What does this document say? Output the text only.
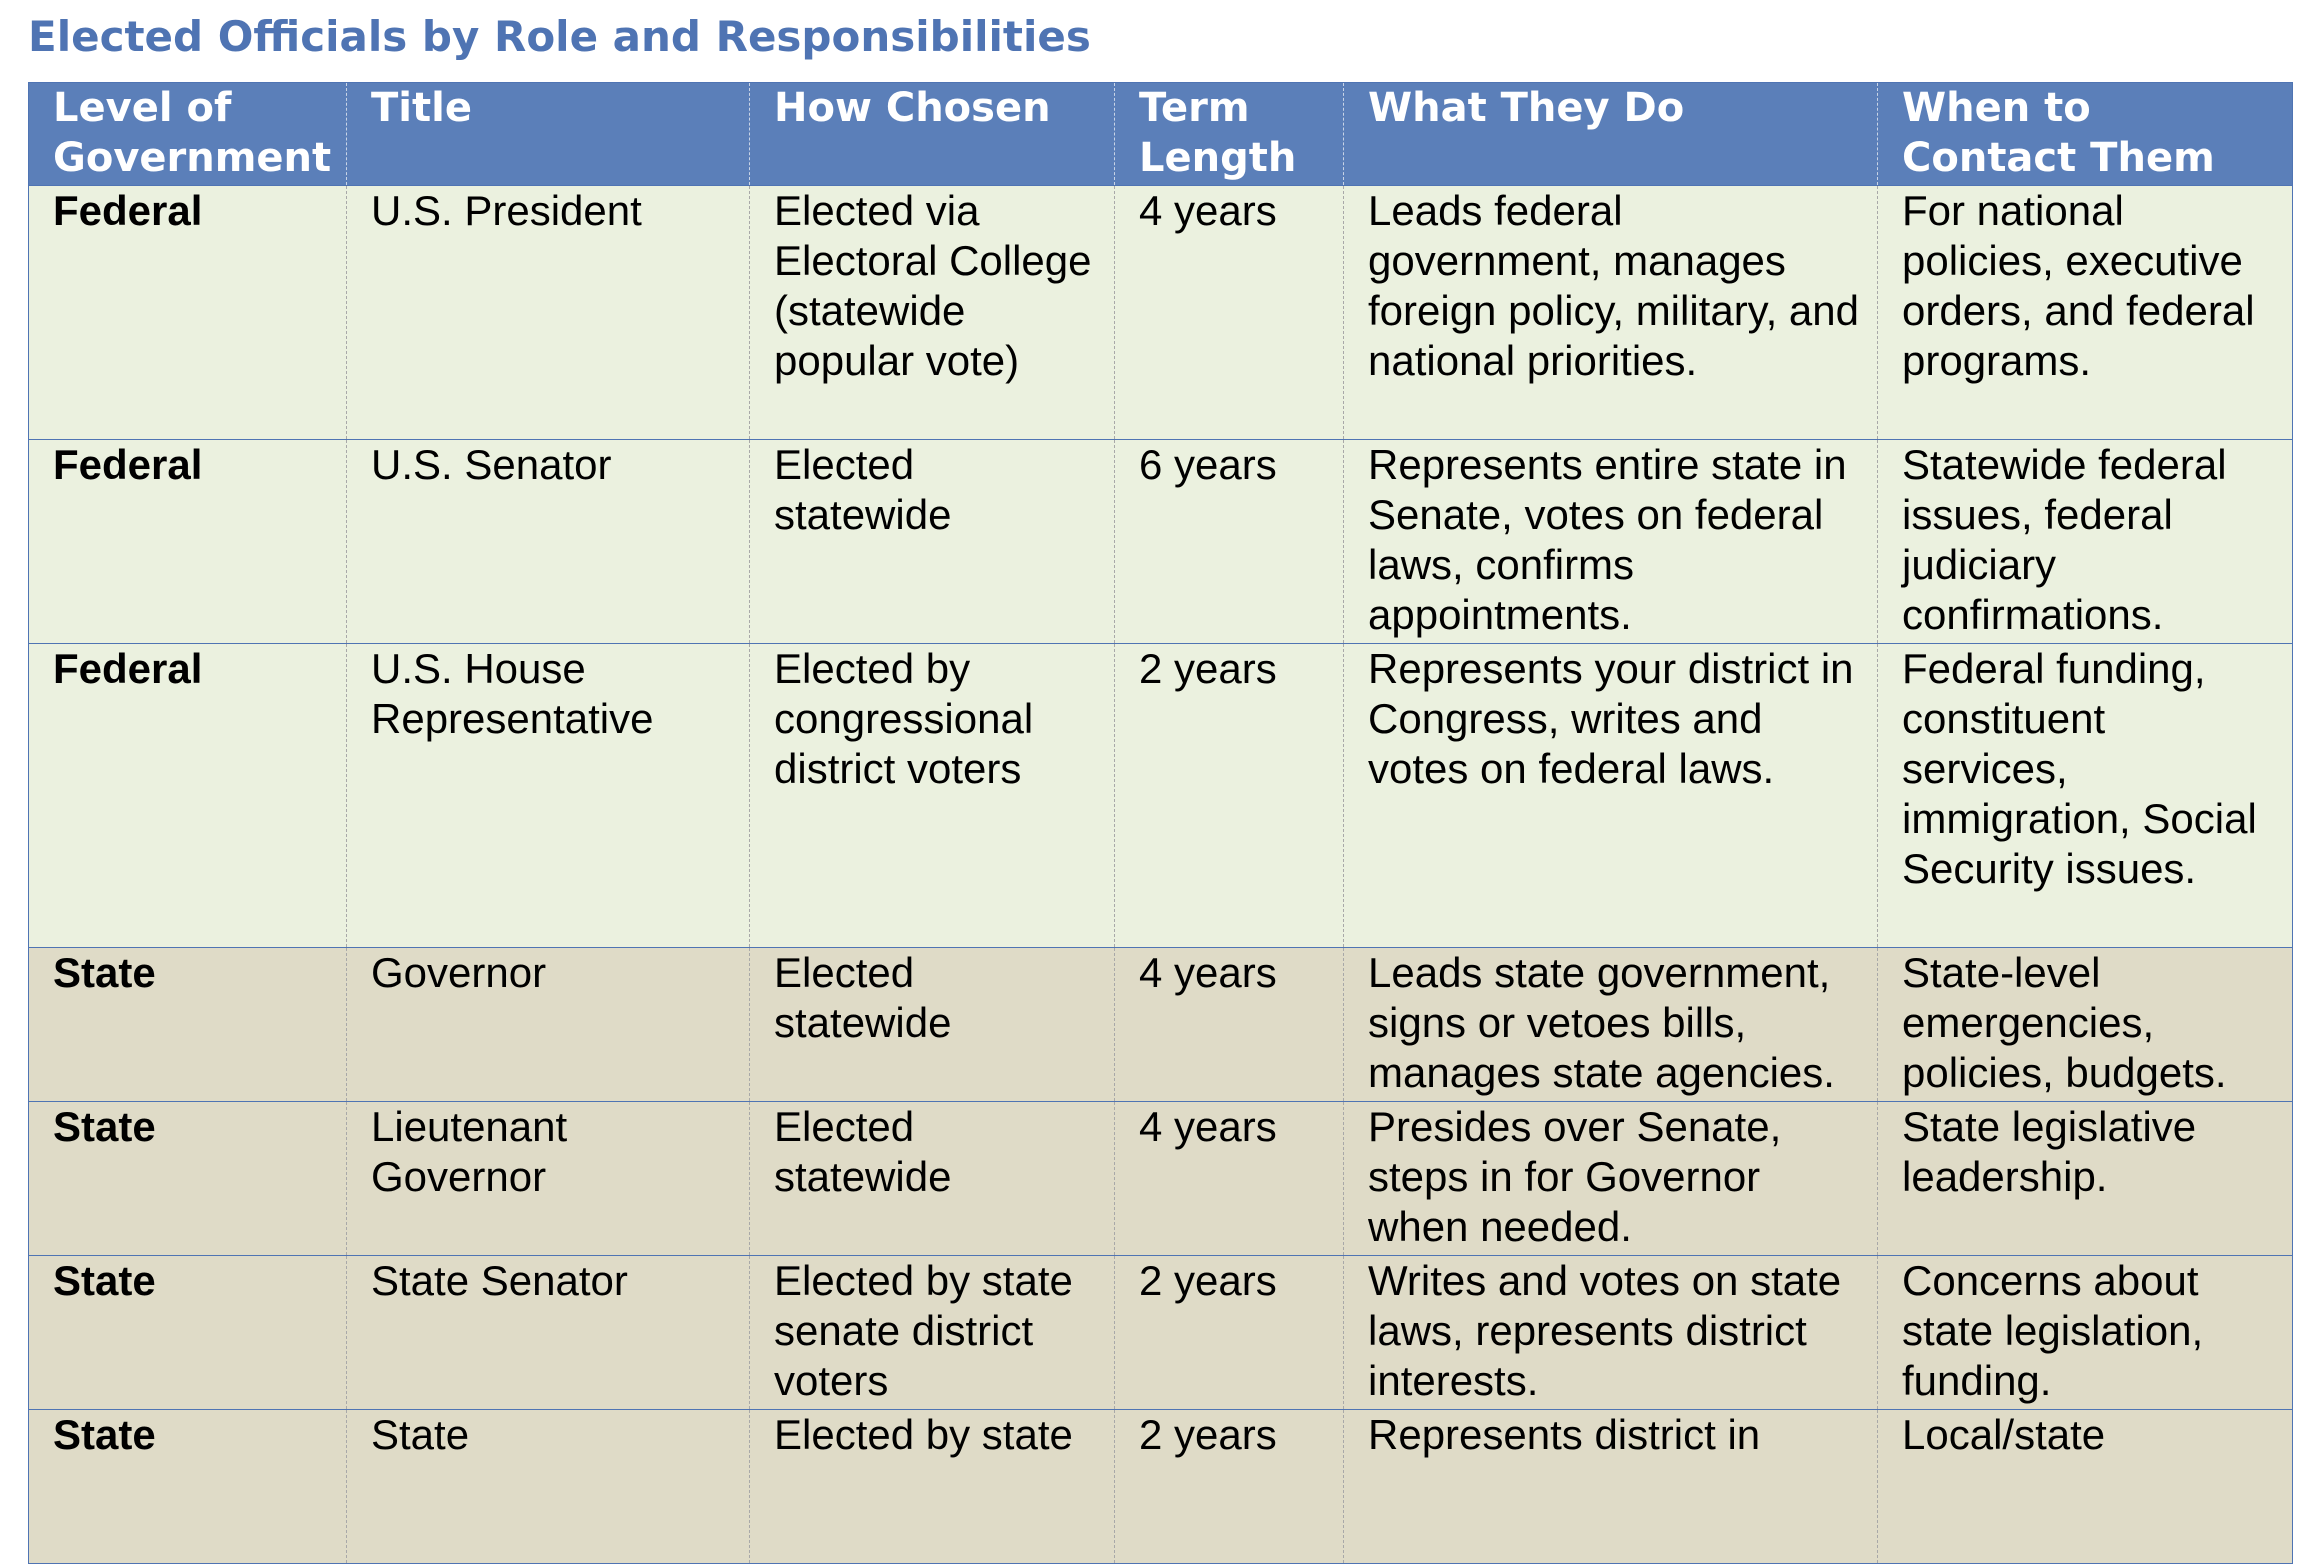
Elected Officials by Role and Responsibilities
Level of Government	Title	How Chosen	Term Length	What They Do	When to Contact Them
Federal	U.S. President	Elected via Electoral College (statewide popular vote)	4 years	Leads federal government, manages foreign policy, military, and national priorities.	For national policies, executive orders, and federal programs.
Federal	U.S. Senator	Elected statewide	6 years	Represents entire state in Senate, votes on federal laws, confirms appointments.	Statewide federal issues, federal judiciary confirmations.
Federal	U.S. House Representative	Elected by congressional district voters	2 years	Represents your district in Congress, writes and votes on federal laws.	Federal funding, constituent services, immigration, Social Security issues.
State	Governor	Elected statewide	4 years	Leads state government, signs or vetoes bills, manages state agencies.	State-level emergencies, policies, budgets.
State	Lieutenant Governor	Elected statewide	4 years	Presides over Senate, steps in for Governor when needed.	State legislative leadership.
State	State Senator	Elected by state senate district voters	2 years	Writes and votes on state laws, represents district interests.	Concerns about state legislation, funding.
State	State	Elected by state	2 years	Represents district in	Local/state
